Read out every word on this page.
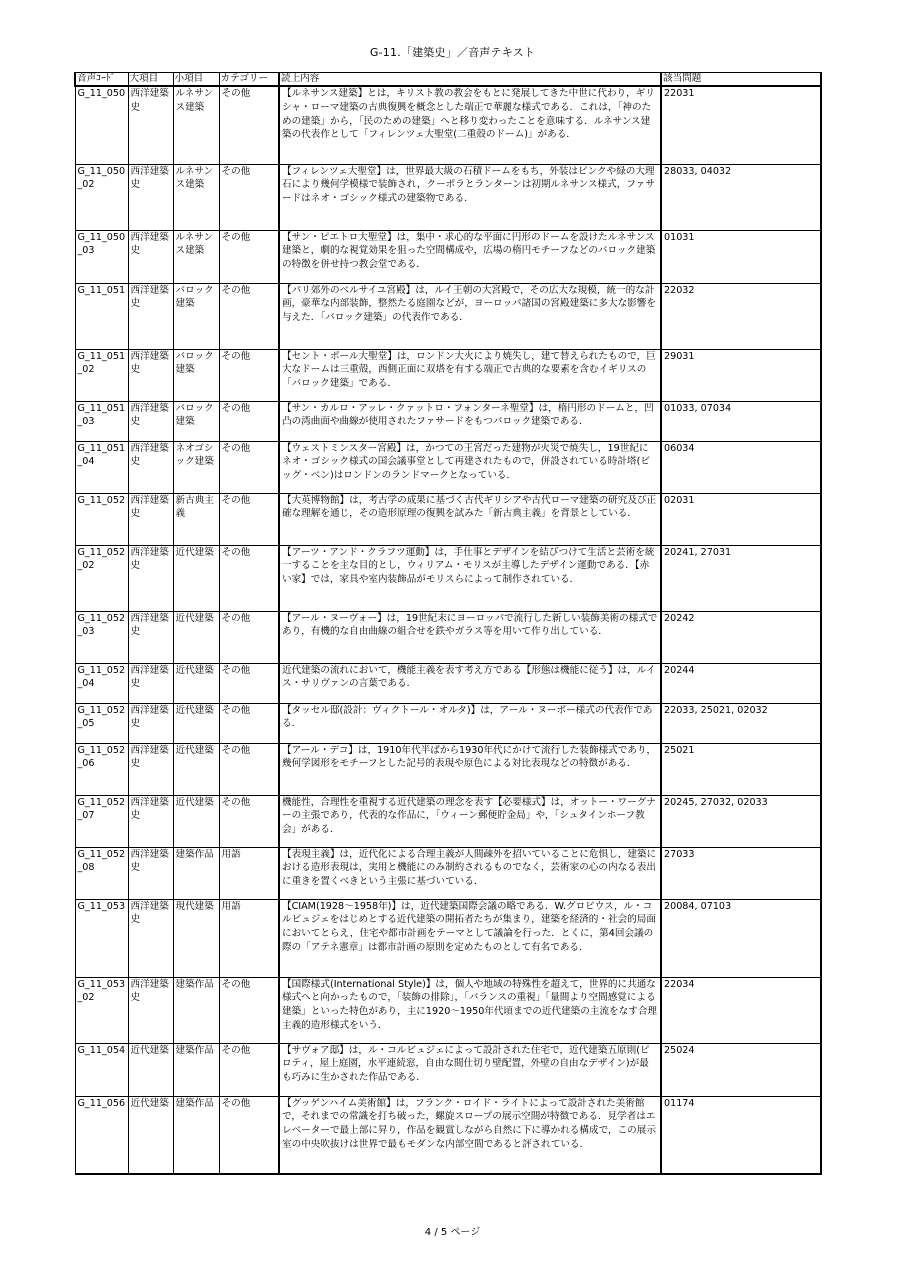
G-11.「建築史」／音声テキスト
音声ｺｰﾄﾞ	大項目	小項目	カテゴリー	読上内容	該当問題
G_11_050	西洋建築史	ルネサンス建築	その他	【ルネサンス建築】とは，キリスト教の教会をもとに発展してきた中世に代わり，ギリシャ・ローマ建築の古典復興を概念とした端正で華麗な様式である．これは，「神のための建築」から，「民のための建築」へと移り変わったことを意味する．ルネサンス建築の代表作として「フィレンツェ大聖堂(二重殻のドーム)」がある．	22031
G_11_050_02	西洋建築史	ルネサンス建築	その他	【フィレンツェ大聖堂】は，世界最大級の石積ドームをもち，外装はピンクや緑の大理石により幾何学模様で装飾され，クーポラとランターンは初期ルネサンス様式，ファサードはネオ・ゴシック様式の建築物である．	28033, 04032
G_11_050_03	西洋建築史	ルネサンス建築	その他	【サン・ピエトロ大聖堂】は，集中・求心的な平面に円形のドームを設けたルネサンス建築と，劇的な視覚効果を狙った空間構成や，広場の楕円モチーフなどのバロック建築の特徴を併せ持つ教会堂である．	01031
G_11_051	西洋建築史	バロック建築	その他	【パリ郊外のベルサイユ宮殿】は，ルイ王朝の大宮殿で，その広大な規模，統一的な計画，豪華な内部装飾，整然たる庭園などが，ヨーロッパ諸国の宮殿建築に多大な影響を与えた．「バロック建築」の代表作である．	22032
G_11_051_02	西洋建築史	バロック建築	その他	【セント・ポール大聖堂】は，ロンドン大火により焼失し，建て替えられたもので，巨大なドームは三重殻，西側正面に双塔を有する端正で古典的な要素を含むイギリスの「バロック建築」である．	29031
G_11_051_03	西洋建築史	バロック建築	その他	【サン・カルロ・アッレ・クァットロ・フォンターネ聖堂】は，楕円形のドームと，凹凸の湾曲面や曲線が使用されたファサードをもつバロック建築である．	01033, 07034
G_11_051_04	西洋建築史	ネオゴシック建築	その他	【ウェストミンスター宮殿】は，かつての王宮だった建物が火災で焼失し，19世紀にネオ・ゴシック様式の国会議事堂として再建されたもので，併設されている時計塔(ビッグ・ベン)はロンドンのランドマークとなっている．	06034
G_11_052	西洋建築史	新古典主義	その他	【大英博物館】は，考古学の成果に基づく古代ギリシアや古代ローマ建築の研究及び正確な理解を通じ，その造形原理の復興を試みた「新古典主義」を背景としている．	02031
G_11_052_02	西洋建築史	近代建築	その他	【アーツ・アンド・クラフツ運動】は，手仕事とデザインを結びつけて生活と芸術を統一することを主な目的とし，ウィリアム・モリスが主導したデザイン運動である．【赤い家】では，家具や室内装飾品がモリスらによって制作されている．	20241, 27031
G_11_052_03	西洋建築史	近代建築	その他	【アール・ヌーヴォー】は，19世紀末にヨーロッパで流行した新しい装飾美術の様式であり，有機的な自由曲線の組合せを鉄やガラス等を用いて作り出している．	20242
G_11_052_04	西洋建築史	近代建築	その他	近代建築の流れにおいて，機能主義を表す考え方である【形態は機能に従う】は，ルイス・サリヴァンの言葉である．	20244
G_11_052_05	西洋建築史	近代建築	その他	【タッセル邸(設計：ヴィクトール・オルタ)】は，アール・ヌーボー様式の代表作である．	22033, 25021, 02032
G_11_052_06	西洋建築史	近代建築	その他	【アール・デコ】は，1910年代半ばから1930年代にかけて流行した装飾様式であり，幾何学図形をモチーフとした記号的表現や原色による対比表現などの特徴がある．	25021
G_11_052_07	西洋建築史	近代建築	その他	機能性，合理性を重視する近代建築の理念を表す【必要様式】は，オットー・ワーグナーの主張であり，代表的な作品に，「ウィーン郵便貯金局」や，「シュタインホーフ教会」がある．	20245, 27032, 02033
G_11_052_08	西洋建築史	建築作品	用語	【表現主義】は，近代化による合理主義が人間疎外を招いていることに危惧し，建築における造形表現は，実用と機能にのみ制約されるものでなく，芸術家の心の内なる表出に重きを置くべきという主張に基づいている．	27033
G_11_053	西洋建築史	現代建築	用語	【CIAM(1928～1958年)】は，近代建築国際会議の略である．W.グロピウス，ル・コルビュジェをはじめとする近代建築の開拓者たちが集まり，建築を経済的・社会的局面においてとらえ，住宅や都市計画をテーマとして議論を行った．とくに，第4回会議の際の「アテネ憲章」は都市計画の原則を定めたものとして有名である．	20084, 07103
G_11_053_02	西洋建築史	建築作品	その他	【国際様式(International Style)】は，個人や地域の特殊性を超えて，世界的に共通な様式へと向かったもので，「装飾の排除」，「バランスの重視」「量間より空間感覚による建築」といった特色があり，主に1920～1950年代頃までの近代建築の主流をなす合理主義的造形様式をいう．	22034
G_11_054	近代建築	建築作品	その他	【サヴォア邸】は，ル・コルビュジェによって設計された住宅で，近代建築五原則(ピロティ，屋上庭園，水平連続窓，自由な間仕切り壁配置，外壁の自由なデザイン)が最も巧みに生かされた作品である．	25024
G_11_056	近代建築	建築作品	その他	【グッゲンハイム美術館】は，フランク・ロイド・ライトによって設計された美術館で，それまでの常識を打ち破った，螺旋スロープの展示空間が特徴である．見学者はエレベーターで最上部に昇り，作品を観賞しながら自然に下に導かれる構成で，この展示室の中央吹抜けは世界で最もモダンな内部空間であると評されている．	01174
4 / 5 ページ
